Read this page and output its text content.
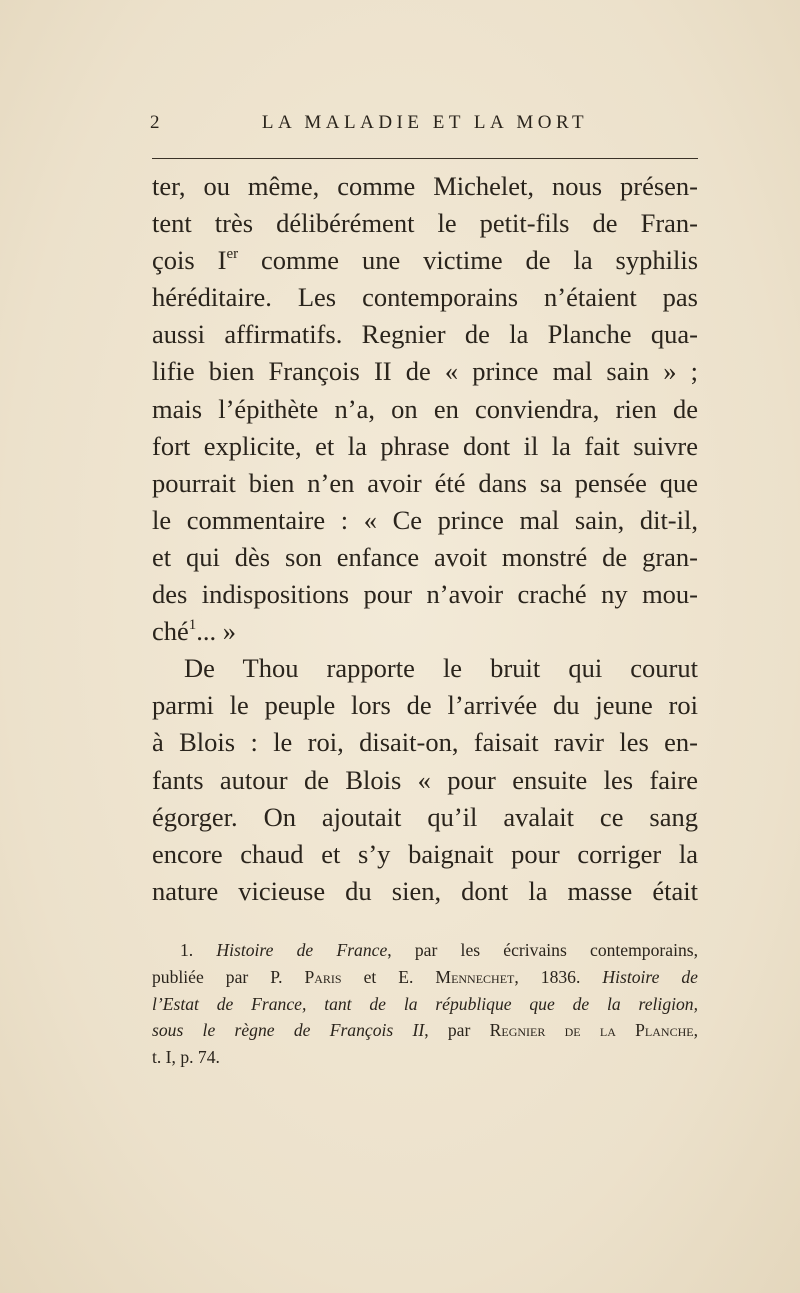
2	LA MALADIE ET LA MORT
ter, ou même, comme Michelet, nous présen-
tent très délibérément le petit-fils de Fran-
çois Ier comme une victime de la syphilis
héréditaire. Les contemporains n’étaient pas
aussi affirmatifs. Regnier de la Planche qua-
lifie bien François II de « prince mal sain » ;
mais l’épithète n’a, on en conviendra, rien de
fort explicite, et la phrase dont il la fait suivre
pourrait bien n’en avoir été dans sa pensée que
le commentaire : « Ce prince mal sain, dit-il,
et qui dès son enfance avoit monstré de gran-
des indispositions pour n’avoir craché ny mou-
ché$^1$... »
De Thou rapporte le bruit qui courut
parmi le peuple lors de l’arrivée du jeune roi
à Blois : le roi, disait-on, faisait ravir les en-
fants autour de Blois « pour ensuite les faire
égorger. On ajoutait qu’il avalait ce sang
encore chaud et s’y baignait pour corriger la
nature vicieuse du sien, dont la masse était
1. Histoire de France, par les écrivains contemporains,
publiée par P. Paris et E. Mennechet, 1836. Histoire de
l’Estat de France, tant de la république que de la religion,
sous le règne de François II, par Regnier de la Planche,
t. I, p. 74.
